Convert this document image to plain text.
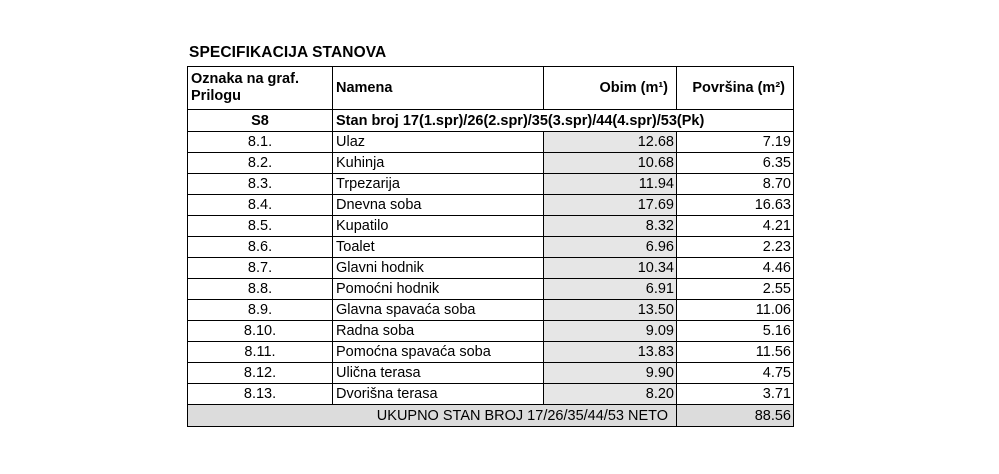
SPECIFIKACIJA STANOVA
Oznaka na graf.
Prilogu	Namena	Obim (m¹)	Površina (m²)
S8	Stan broj 17(1.spr)/26(2.spr)/35(3.spr)/44(4.spr)/53(Pk)		
8.1.	Ulaz	12.68	7.19
8.2.	Kuhinja	10.68	6.35
8.3.	Trpezarija	11.94	8.70
8.4.	Dnevna soba	17.69	16.63
8.5.	Kupatilo	8.32	4.21
8.6.	Toalet	6.96	2.23
8.7.	Glavni hodnik	10.34	4.46
8.8.	Pomoćni hodnik	6.91	2.55
8.9.	Glavna spavaća soba	13.50	11.06
8.10.	Radna soba	9.09	5.16
8.11.	Pomoćna spavaća soba	13.83	11.56
8.12.	Ulična terasa	9.90	4.75
8.13.	Dvorišna terasa	8.20	3.71
UKUPNO STAN BROJ 17/26/35/44/53 NETO			88.56
